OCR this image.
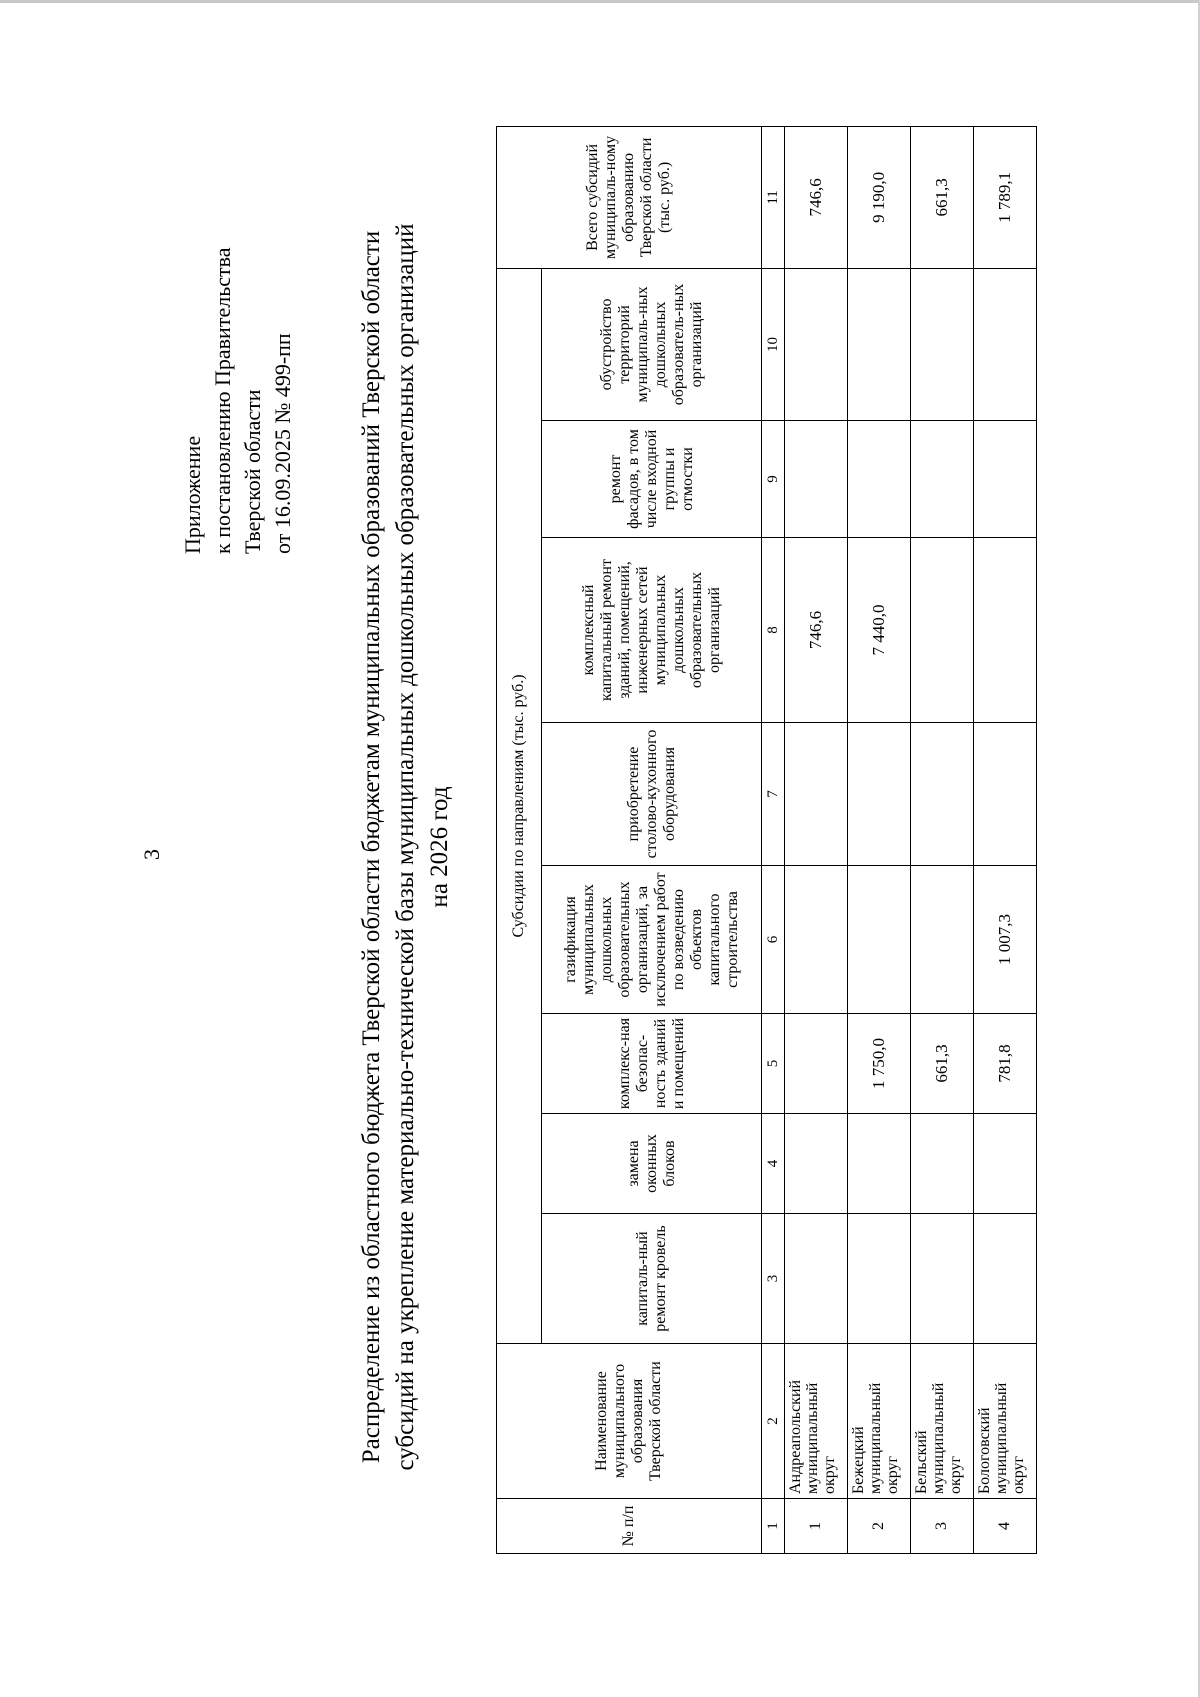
3
Приложение к постановлению Правительства Тверской области от 16.09.2025 № 499-пп	Распределение из областного бюджета Тверской области бюджетам муниципальных образований Тверской области субсидий на укрепление материально-технической базы муниципальных дошкольных образовательных организаций на 2026 год
№ п/п	Наименование муниципального образования Тверской области	Субсидии по направлениям (тыс. руб.)								Всего субсидий муниципаль-ному образованию Тверской области (тыс. руб.)
		капиталь-ный ремонт кровель	замена оконных блоков	комплекс-ная безопас-ность зданий и помещений	газификация муниципальных дошкольных образовательных организаций, за исключением работ по возведению объектов капитального строительства	приобретение столово-кухонного оборудования	комплексный капитальный ремонт зданий, помещений, инженерных сетей муниципальных дошкольных образовательных организаций	ремонт фасадов, в том числе входной группы и отмостки	обустройство территорий муниципаль-ных дошкольных образователь-ных организаций	
1	2	3	4	5	6	7	8	9	10	11
1	Андреапольский муниципальный округ						746,6			746,6
2	Бежецкий муниципальный округ			1 750,0			7 440,0			9 190,0
3	Бельский муниципальный округ			661,3						661,3
4	Бологовский муниципальный округ			781,8	1 007,3					1 789,1
